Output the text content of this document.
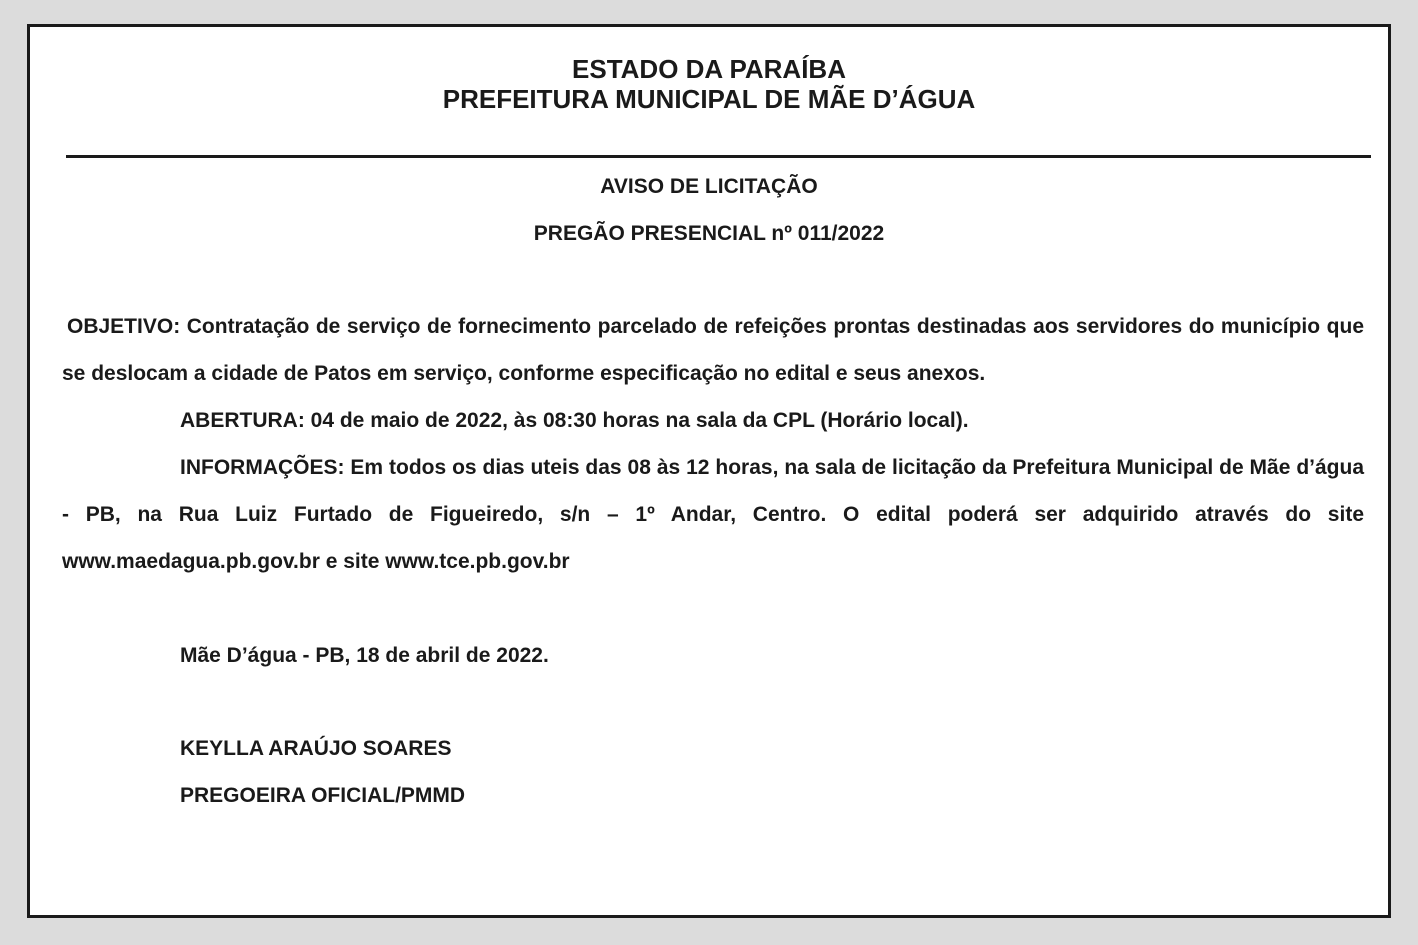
ESTADO DA PARAÍBA

PREFEITURA MUNICIPAL DE MÃE D’ÁGUA

AVISO DE LICITAÇÃO

PREGÃO PRESENCIAL nº 011/2022

OBJETIVO: Contratação de serviço de fornecimento parcelado de refeições prontas destinadas aos servidores do município que se deslocam a cidade de Patos em serviço, conforme especificação no edital e seus anexos.

ABERTURA: 04 de maio de 2022, às 08:30 horas na sala da CPL (Horário local).

INFORMAÇÕES: Em todos os dias uteis das 08 às 12 horas, na sala de licitação da Prefeitura Municipal de Mãe d’água - PB, na Rua Luiz Furtado de Figueiredo, s/n – 1º Andar, Centro. O edital poderá ser adquirido através do site www.maedagua.pb.gov.br e site www.tce.pb.gov.br

Mãe D’água - PB, 18 de abril de 2022.

KEYLLA ARAÚJO SOARES

PREGOEIRA OFICIAL/PMMD
